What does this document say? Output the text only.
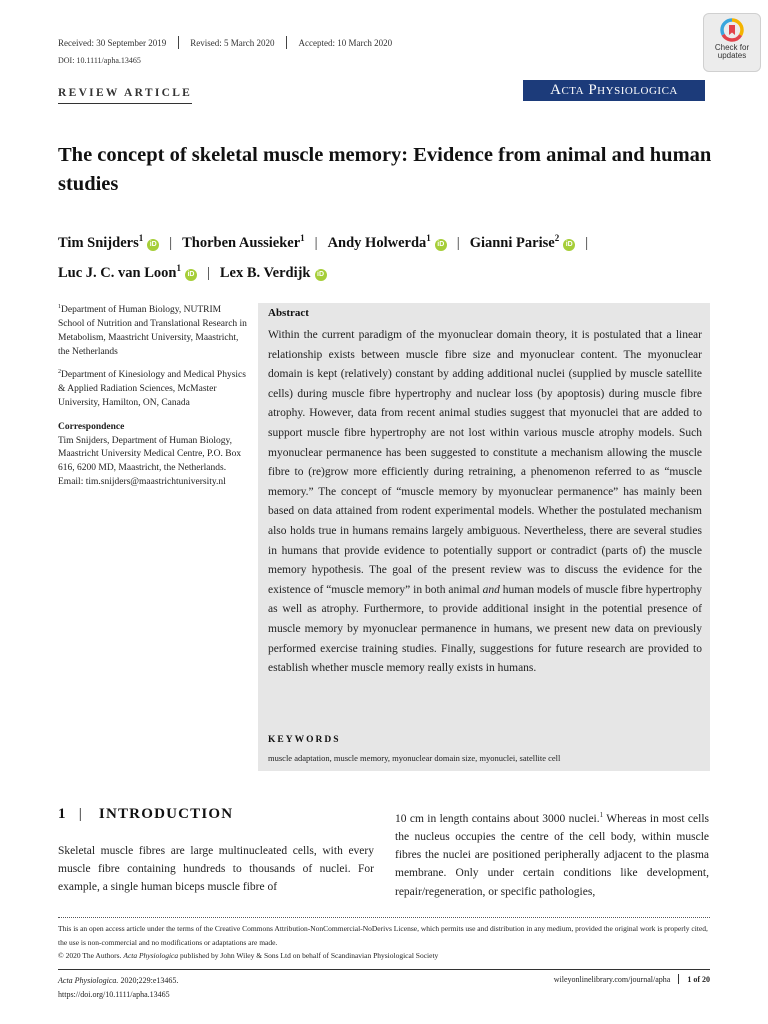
Received: 30 September 2019	Revised: 5 March 2020	Accepted: 10 March 2020
DOI: 10.1111/apha.13465
Check for
updates
REVIEW ARTICLE	Acta Physiologica
The concept of skeletal muscle memory: Evidence from animal and human studies
Tim Snijders$^1$iD | Thorben Aussieker$^1$ | Andy Holwerda$^1$iD | Gianni Parise$^2$iD |
Luc J. C. van Loon$^1$iD | Lex B. Verdijk iD

$^1$Department of Human Biology, NUTRIM School of Nutrition and Translational Research in Metabolism, Maastricht University, Maastricht, the Netherlands

$^2$Department of Kinesiology and Medical Physics & Applied Radiation Sciences, McMaster University, Hamilton, ON, Canada

Correspondence

Tim Snijders, Department of Human Biology, Maastricht University Medical Centre, P.O. Box 616, 6200 MD, Maastricht, the Netherlands.

Email: tim.snijders@maastrichtuniversity.nl

Abstract
Within the current paradigm of the myonuclear domain theory, it is postulated that a linear relationship exists between muscle fibre size and myonuclear content. The myonuclear domain is kept (relatively) constant by adding additional nuclei (supplied by muscle satellite cells) during muscle fibre hypertrophy and nuclear loss (by apoptosis) during muscle fibre atrophy. However, data from recent animal studies suggest that myonuclei that are added to support muscle fibre hypertrophy are not lost within various muscle atrophy models. Such myonuclear permanence has been suggested to constitute a mechanism allowing the muscle fibre to (re)grow more efficiently during retraining, a phenomenon referred to as “muscle memory.” The concept of “muscle memory by myonuclear permanence” has mainly been based on data attained from rodent experimental models. Whether the postulated mechanism also holds true in humans remains largely ambiguous. Nevertheless, there are several studies in humans that provide evidence to potentially support or contradict (parts of) the muscle memory hypothesis. The goal of the present review was to discuss the evidence for the existence of “muscle memory” in both animal and human models of muscle fibre hypertrophy as well as atrophy. Furthermore, to provide additional insight in the potential presence of muscle memory by myonuclear permanence in humans, we present new data on previously performed exercise training studies. Finally, suggestions for future research are provided to establish whether muscle memory really exists in humans.
KEYWORDS
muscle adaptation, muscle memory, myonuclear domain size, myonuclei, satellite cell
1 | INTRODUCTION
Skeletal muscle fibres are large multinucleated cells, with every muscle fibre containing hundreds to thousands of nuclei. For example, a single human biceps muscle fibre of
10 cm in length contains about 3000 nuclei.$^1$ Whereas in most cells the nucleus occupies the centre of the cell body, within muscle fibres the nuclei are positioned peripherally adjacent to the plasma membrane. Only under certain conditions like development, repair/regeneration, or specific pathologies,

This is an open access article under the terms of the Creative Commons Attribution-NonCommercial-NoDerivs License, which permits use and distribution in any medium, provided the original work is properly cited, the use is non-commercial and no modifications or adaptations are made.

© 2020 The Authors. Acta Physiologica published by John Wiley & Sons Ltd on behalf of Scandinavian Physiological Society

Acta Physiologica. 2020;229:e13465.
https://doi.org/10.1111/apha.13465
wileyonlinelibrary.com/journal/apha 1 of 20
